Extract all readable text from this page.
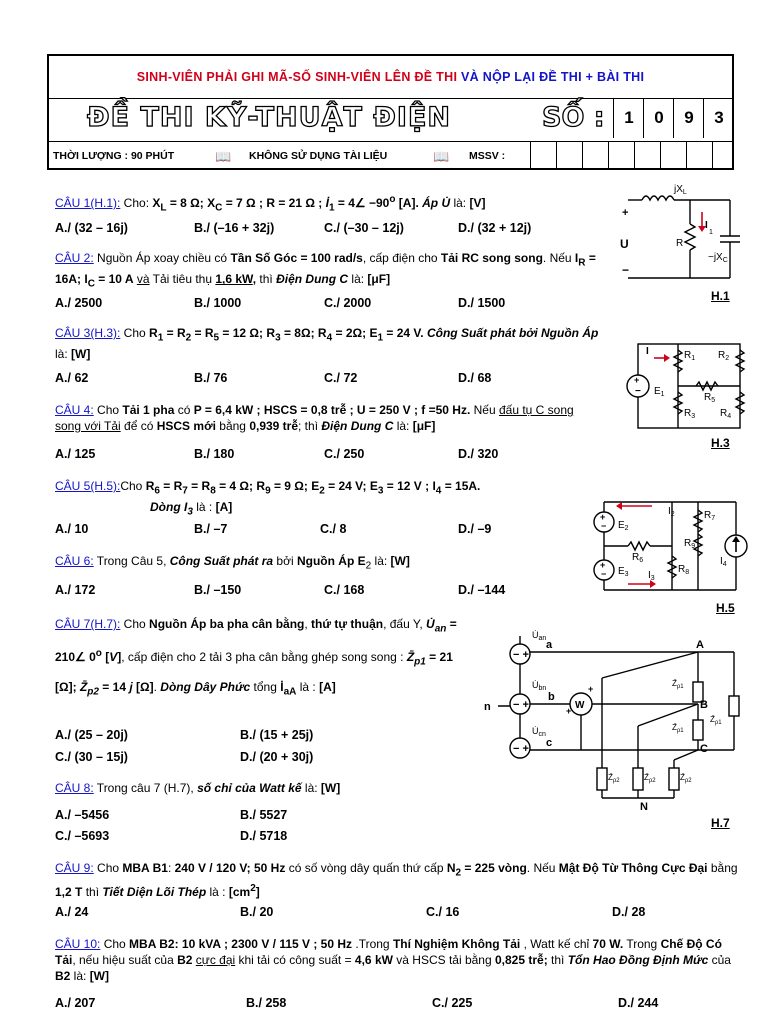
SINH-VIÊN PHẢI GHI MÃ-SỐ SINH-VIÊN LÊN ĐỀ THI VÀ NỘP LẠI ĐỀ THI + BÀI THI
ĐỀ THI KỸ-THUẬT ĐIỆN	SỐ :	1	0	9	3
THỜI LƯỢNG : 90 PHÚT	📖 KHÔNG SỬ DỤNG TÀI LIỆU	📖 MSSV :
CÂU 1(H.1): Cho: $X_L = 8$ Ω; $X_C = 7$ Ω ; R = 21 Ω ; $İ_1$ = 4∠ $-90^o$ [A]. Áp U̇ là: [V]
A./ (32 – 16j)	B./ (–16 + 32j)	C./ (–30 – 12j)	D./ (32 + 12j)
CÂU 2: Nguồn Áp xoay chiều có Tần Số Góc = 100 rad/s, cấp điện cho Tải RC song song. Nếu $I_R = 16A$; $I_C = 10$ A và Tải tiêu thụ 1,6 kW, thì Điện Dung C là: [μF]
A./ 2500	B./ 1000	C./ 2000	D./ 1500
CÂU 3(H.3): Cho $R_1 = R_2 = R_5 = 12$ Ω; $R_3 = 8\Omega$; $R_4 = 2\Omega$; $E_1 = 24$ V. Công Suất phát bởi Nguồn Áp là: [W]
A./ 62	B./ 76	C./ 72	D./ 68
CÂU 4: Cho Tải 1 pha có P = 6,4 kW ; HSCS = 0,8 trễ ; U = 250 V ; f =50 Hz. Nếu đấu tụ C song song với Tải để có HSCS mới bằng 0,939 trễ; thì Điện Dung C là: [μF]
A./ 125	B./ 180	C./ 250	D./ 320
CÂU 5(H.5):Cho $R_6 = R_7 = R_8 = 4$ Ω; $R_9 = 9$ Ω; $E_2 = 24$ V; $E_3 = 12$ V ; $I_4 = 15A$.
Dòng $I_3$ là : [A]
A./ 10	B./ –7	C./ 8	D./ –9
CÂU 6: Trong Câu 5, Công Suất phát ra bởi Nguồn Áp $E_2$ là: [W]
A./ 172	B./ –150	C./ 168	D./ –144
CÂU 7(H.7): Cho Nguồn Áp ba pha cân bằng, thứ tự thuận, đấu Y, $U̇_{an}$ = 210∠ 0$^o$ [V], cấp điện cho 2 tải 3 pha cân bằng ghép song song : $Z̄_{p1} = 21$ [Ω]; $Z̄_{p2} = 14$ j [Ω]. Dòng Dây Phức tổng $İ_{aA}$ là : [A]
A./ (25 – 20j)	B./ (15 + 25j)
C./ (30 – 15j)	D./ (20 + 30j)
CÂU 8: Trong câu 7 (H.7), số chỉ của Watt kế là: [W]
A./ –5456	B./ 5527
C./ –5693	D./ 5718
CÂU 9: Cho MBA B1: 240 V / 120 V; 50 Hz có số vòng dây quấn thứ cấp $N_2 = 225$ vòng. Nếu Mật Độ Từ Thông Cực Đại bằng 1,2 T thì Tiết Diện Lõi Thép là : $[cm^2]$
A./ 24	B./ 20	C./ 16	D./ 28
CÂU 10: Cho MBA B2: 10 kVA ; 2300 V / 115 V ; 50 Hz .Trong Thí Nghiệm Không Tải , Watt kế chỉ 70 W. Trong Chế Độ Có Tải, nếu hiệu suất của B2 cực đại khi tải có công suất = 4,6 kW và HSCS tải bằng 0,825 trễ; thì Tổn Hao Đồng Định Mức của B2 là: [W]
A./ 207	B./ 258	C./ 225	D./ 244
$jX_L$
I
1
R
$-jX_C$
+
U
−
H.1
+
−
I
$E_1$
$R_1$ $R_2$
$R_5$
$R_3$ $R_4$
H.3
+
−
+
−
$E_2$
$E_3$
$I_2$	$R_7$
$R_9$
$R_6$
$R_8$
$I_3$
$I_4$
H.5
− +
− +
− +
W
+
+
$U̇_{an}$
$U̇_{bn}$
$U̇_{cn}$
a
b
c
n
A
B
C
N
$Z̄_{\rho 1}$
$Z̄_{\rho 1}$
$Z̄_{\rho 1}$
$Z̄_{\rho 2}$	$Z̄_{\rho 2}$	$Z̄_{\rho 2}$
H.7
